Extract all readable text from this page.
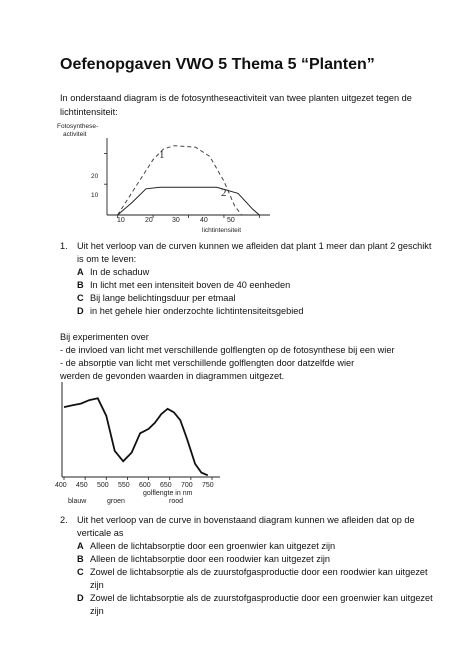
Oefenopgaven VWO 5 Thema 5 “Planten”
In onderstaand diagram is de fotosyntheseactiviteit van twee planten uitgezet tegen de
lichtintensiteit:
Fotosynthese-
activiteit
20
10
1
2
10	20	30	40	50
lichtintensiteit
1. Uit het verloop van de curven kunnen we afleiden dat plant 1 meer dan plant 2 geschikt
is om te leven:
A In de schaduw
B In licht met een intensiteit boven de 40 eenheden
C Bij lange belichtingsduur per etmaal
D in het gehele hier onderzochte lichtintensiteitsgebied
Bij experimenten over
- de invloed van licht met verschillende golflengten op de fotosynthese bij een wier
- de absorptie van licht met verschillende golflengten door datzelfde wier
werden de gevonden waarden in diagrammen uitgezet.
400 450 500 550 600 650 700 750
blauw	groen
golflengte in nm
rood
2. Uit het verloop van de curve in bovenstaand diagram kunnen we afleiden dat op de
verticale as
A Alleen de lichtabsorptie door een groenwier kan uitgezet zijn
B Alleen de lichtabsorptie door een roodwier kan uitgezet zijn
C Zowel de lichtabsorptie als de zuurstofgasproductie door een roodwier kan uitgezet
zijn
D Zowel de lichtabsorptie als de zuurstofgasproductie door een groenwier kan uitgezet
zijn
